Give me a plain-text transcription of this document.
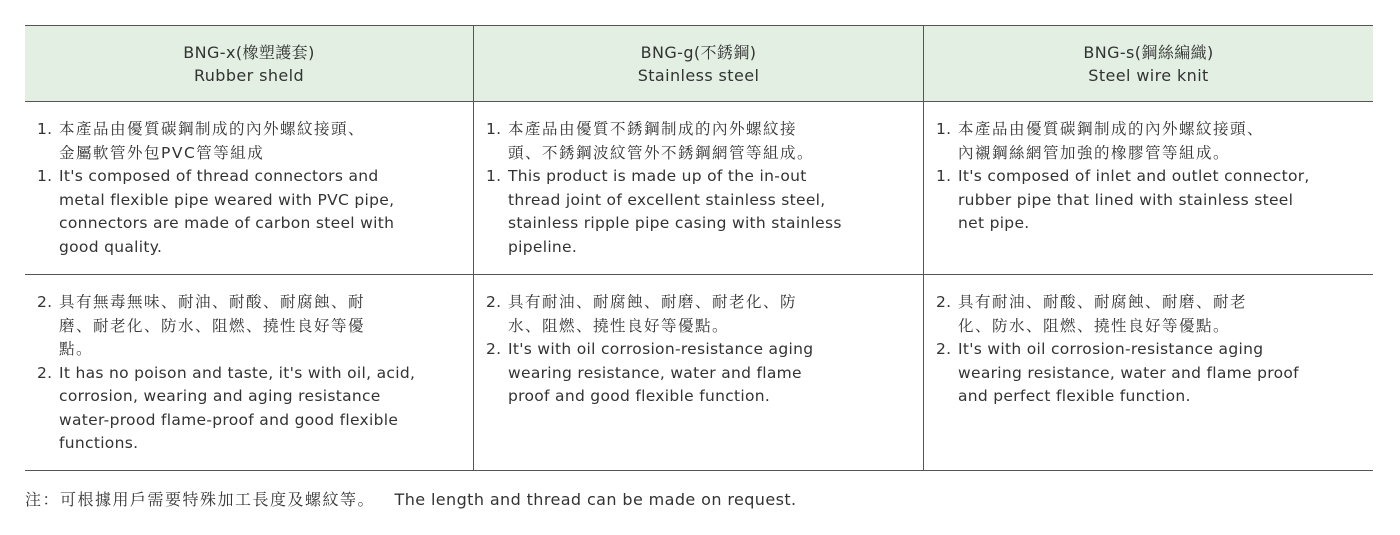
BNG-x(橡塑護套)
Rubber sheld
BNG-g(不銹鋼)
Stainless steel
BNG-s(鋼絲編織)
Steel wire knit
1. 本產品由優質碳鋼制成的內外螺紋接頭、
金屬軟管外包PVC管等組成
1. It's composed of thread connectors and
metal flexible pipe weared with PVC pipe,
connectors are made of carbon steel with
good quality.
1. 本產品由優質不銹鋼制成的內外螺紋接
頭、不銹鋼波紋管外不銹鋼網管等組成。
1. This product is made up of the in-out
thread joint of excellent stainless steel,
stainless ripple pipe casing with stainless
pipeline.
1. 本產品由優質碳鋼制成的內外螺紋接頭、
內襯鋼絲網管加強的橡膠管等組成。
1. It's composed of inlet and outlet connector,
rubber pipe that lined with stainless steel
net pipe.
2. 具有無毒無味、耐油、耐酸、耐腐蝕、耐
磨、耐老化、防水、阻燃、撓性良好等優
點。
2. It has no poison and taste, it's with oil, acid,
corrosion, wearing and aging resistance
water-prood flame-proof and good flexible
functions.
2. 具有耐油、耐腐蝕、耐磨、耐老化、防
水、阻燃、撓性良好等優點。
2. It's with oil corrosion-resistance aging
wearing resistance, water and flame
proof and good flexible function.
2. 具有耐油、耐酸、耐腐蝕、耐磨、耐老
化、防水、阻燃、撓性良好等優點。
2. It's with oil corrosion-resistance aging
wearing resistance, water and flame proof
and perfect flexible function.
注：可根據用戶需要特殊加工長度及螺紋等。 The length and thread can be made on request.
